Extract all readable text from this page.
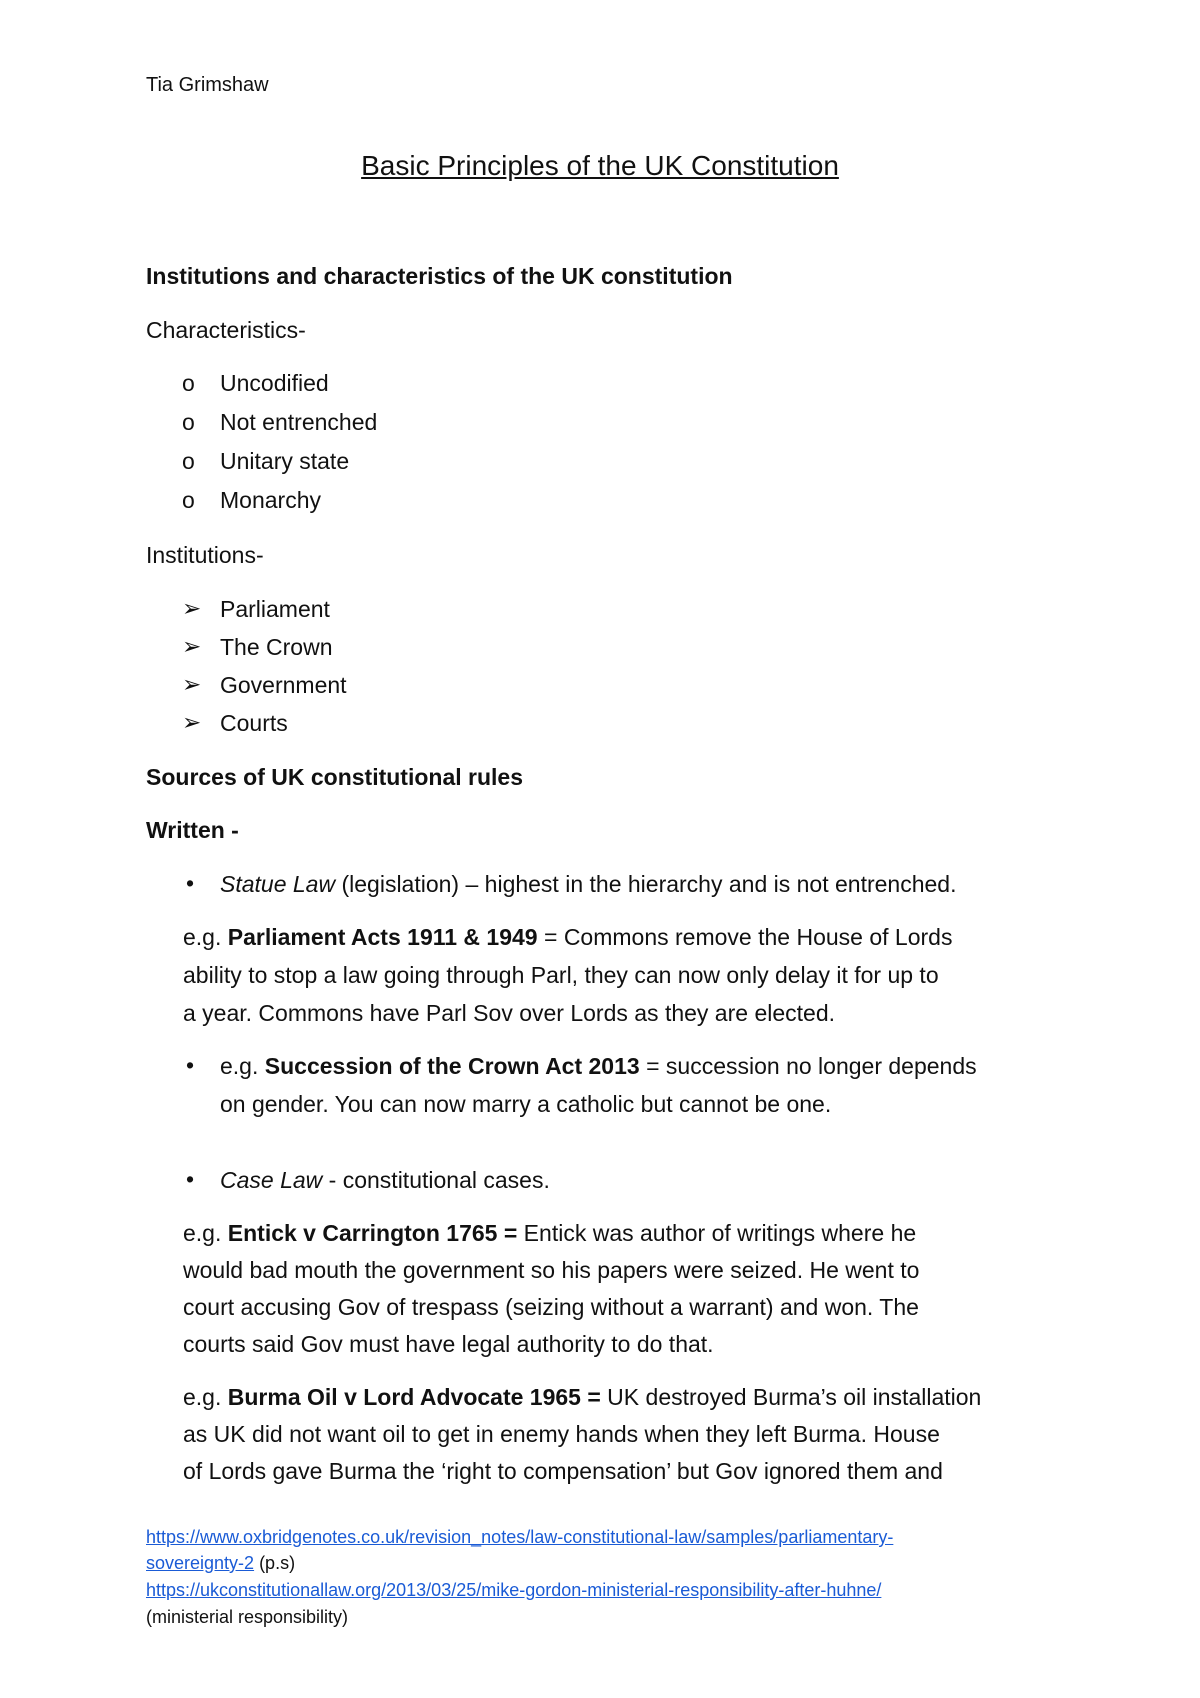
Tia Grimshaw
Basic Principles of the UK Constitution
Institutions and characteristics of the UK constitution
Characteristics-
o Uncodified
o Not entrenched
o Unitary state
o Monarchy
Institutions-
➢ Parliament
➢ The Crown
➢ Government
➢ Courts
Sources of UK constitutional rules
Written -
• Statue Law (legislation) – highest in the hierarchy and is not entrenched.
e.g. Parliament Acts 1911 & 1949 = Commons remove the House of Lords
ability to stop a law going through Parl, they can now only delay it for up to
a year. Commons have Parl Sov over Lords as they are elected.
• e.g. Succession of the Crown Act 2013 = succession no longer depends
on gender. You can now marry a catholic but cannot be one.
• Case Law - constitutional cases.
e.g. Entick v Carrington 1765 = Entick was author of writings where he
would bad mouth the government so his papers were seized. He went to
court accusing Gov of trespass (seizing without a warrant) and won. The
courts said Gov must have legal authority to do that.
e.g. Burma Oil v Lord Advocate 1965 = UK destroyed Burma’s oil installation
as UK did not want oil to get in enemy hands when they left Burma. House
of Lords gave Burma the ‘right to compensation’ but Gov ignored them and
https://www.oxbridgenotes.co.uk/revision_notes/law-constitutional-law/samples/parliamentary-
sovereignty-2 (p.s)
https://ukconstitutionallaw.org/2013/03/25/mike-gordon-ministerial-responsibility-after-huhne/
(ministerial responsibility)
